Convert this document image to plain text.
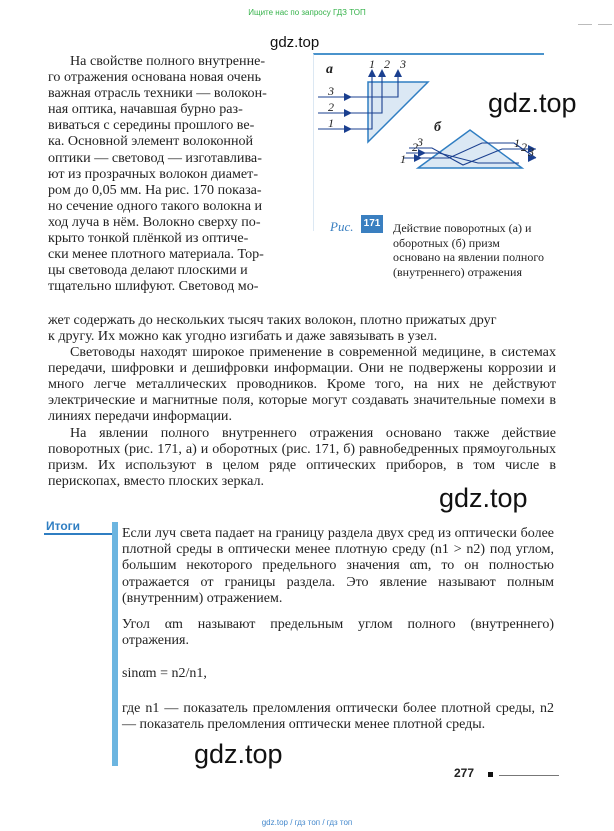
Ищите нас по запросу ГДЗ ТОП
gdz.top

На свойстве полного внутренне-

го отражения основана новая очень

важная отрасль техники — волокон-

ная оптика, начавшая бурно раз-

виваться с середины прошлого ве-

ка. Основной элемент волоконной

оптики — световод — изготавлива-

ют из прозрачных волокон диамет-

ром до 0,05 мм. На рис. 170 показа-

но сечение одного такого волокна и

ход луча в нём. Волокно сверху по-

крыто тонкой плёнкой из оптиче-

ски менее плотного материала. Тор-

цы световода делают плоскими и

тщательно шлифуют. Световод мо-

а
б
1 2 3
3
2
1
2 3
1
1 2 3
Рис. 171 Действие поворотных (а) и оборотных (б) призм основано на явлении полного (внутреннего) отражения
gdz.top

жет содержать до нескольких тысяч таких волокон, плотно прижатых друг

к другу. Их можно как угодно изгибать и даже завязывать в узел.

Световоды находят широкое применение в современной медицине, в системах передачи, шифровки и дешифровки информации. Они не подвержены коррозии и много легче металлических проводников. Кроме того, на них не действуют электрические и магнитные поля, которые могут создавать значительные помехи в линиях передачи информации.

На явлении полного внутреннего отражения основано также действие поворотных (рис. 171, а) и оборотных (рис. 171, б) равнобедренных прямоугольных призм. Их используют в целом ряде оптических приборов, в том числе в перископах, вместо плоских зеркал.

gdz.top
Итоги	Если луч света падает на границу раздела двух сред из оптически более плотной среды в оптически менее плотную среду (n1 > n2) под углом, большим некоторого предельного значения αm, то он полностью отражается от границы раздела. Это явление называют полным (внутренним) отражением.

Угол αm называют предельным углом полного (внутреннего) отражения.

sinαm = n2/n1,
где n1 — показатель преломления оптически более плотной среды, n2 — показатель преломления оптически менее плотной среды.
gdz.top
277
gdz.top / гдз топ / гдз топ
